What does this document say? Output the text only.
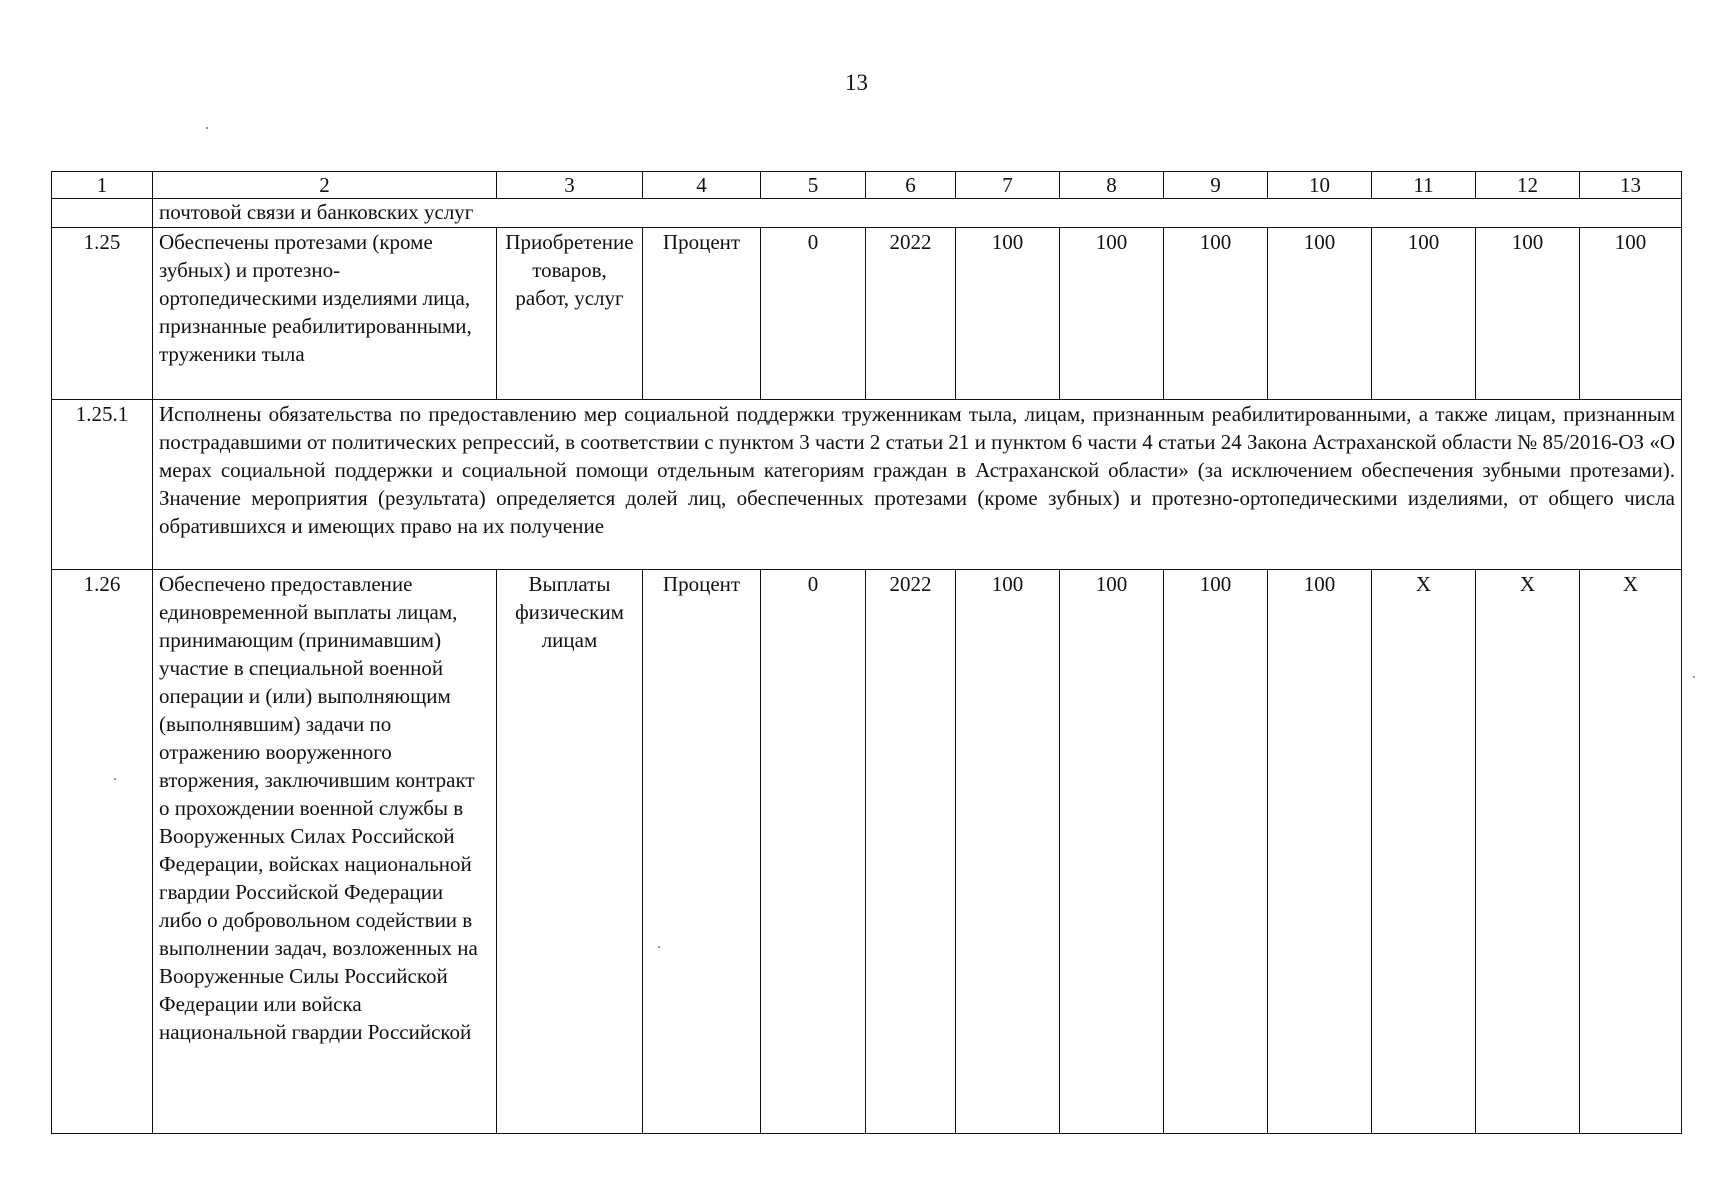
13
1	2	3	4	5	6	7	8	9	10	11	12	13
	почтовой связи и банковских услуг											
1.25	Обеспечены протезами (кроме зубных) и протезно-ортопедическими изделиями лица, признанные реабилитированными, труженики тыла	Приобретение товаров, работ, услуг	Процент	0	2022	100	100	100	100	100	100	100
1.25.1	Исполнены обязательства по предоставлению мер социальной поддержки труженникам тыла, лицам, признанным реабилитированными, а также лицам, признанным пострадавшими от политических репрессий, в соответствии с пунктом 3 части 2 статьи 21 и пунктом 6 части 4 статьи 24 Закона Астраханской области № 85/2016-ОЗ «О мерах социальной поддержки и социальной помощи отдельным категориям граждан в Астраханской области» (за исключением обеспечения зубными протезами). Значение мероприятия (результата) определяется долей лиц, обеспеченных протезами (кроме зубных) и протезно-ортопедическими изделиями, от общего числа обратившихся и имеющих право на их получение											
1.26	Обеспечено предоставление единовременной выплаты лицам, принимающим (принимавшим) участие в специальной военной операции и (или) выполняющим (выполнявшим) задачи по отражению вооруженного вторжения, заключившим контракт о прохождении военной службы в Вооруженных Силах Российской Федерации, войсках национальной гвардии Российской Федерации либо о добровольном содействии в выполнении задач, возложенных на Вооруженные Силы Российской Федерации или войска национальной гвардии Российской	Выплаты физическим лицам	Процент	0	2022	100	100	100	100	X	X	X
